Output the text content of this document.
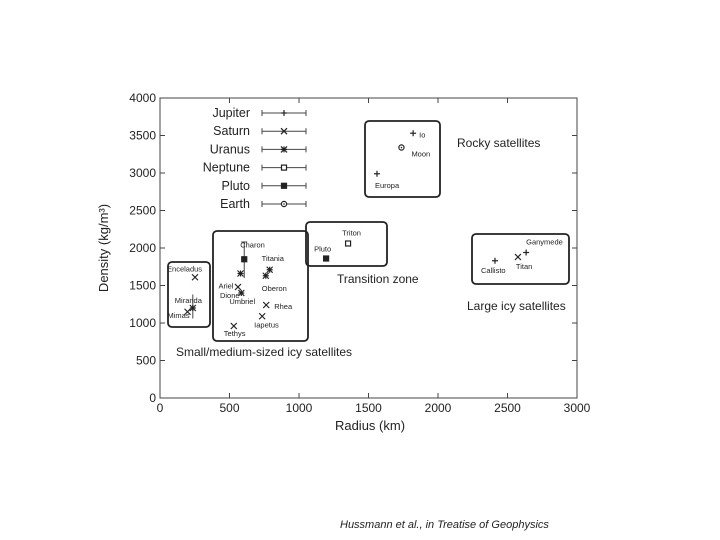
0	500	1000	1500	2000	2500	3000
0
500
1000
1500
2000
2500
3000
3500
4000
Rocky satellites
Transition zone
Large icy satellites
Small/medium-sized icy satellites
Jupiter
Saturn
Uranus
Neptune
Pluto
Earth
Io
Europa
Ganymede
Callisto
Mimas
Enceladus
Tethys
Dione
Rhea
Titan
Iapetus
Miranda
Ariel
Umbriel
Titania
Oberon
Triton
Pluto
Charon
Moon
Radius (km)
Density (kg/m³)
Hussmann et al., in Treatise of Geophysics
